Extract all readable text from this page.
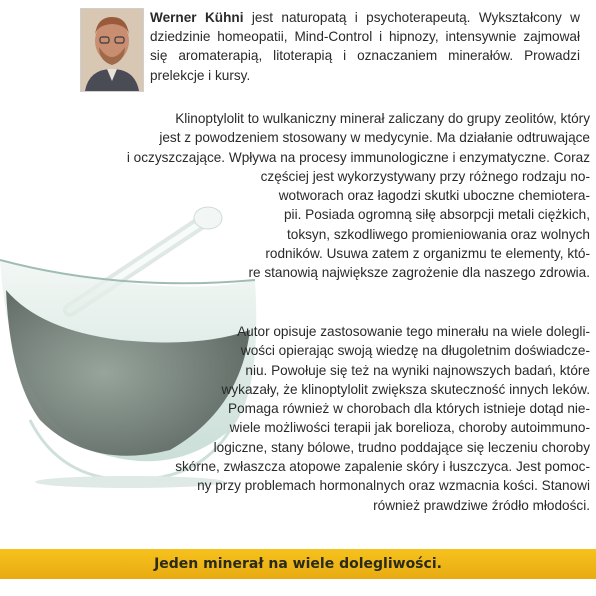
Werner Kühni jest naturopatą i psychoterapeutą. Wykształcony w dziedzinie homeopatii, Mind-Control i hipnozy, intensywnie zajmował się aromaterapią, litoterapią i oznaczaniem minerałów. Prowadzi prelekcje i kursy.
Klinoptylolit to wulkaniczny minerał zaliczany do grupy zeolitów, który
jest z powodzeniem stosowany w medycynie. Ma działanie odtruwające
i oczyszczające. Wpływa na procesy immunologiczne i enzymatyczne. Coraz
częściej jest wykorzystywany przy różnego rodzaju no-
wotworach oraz łagodzi skutki uboczne chemiotera-
pii. Posiada ogromną siłę absorpcji metali ciężkich,
toksyn, szkodliwego promieniowania oraz wolnych
rodników. Usuwa zatem z organizmu te elementy, któ-
re stanowią największe zagrożenie dla naszego zdrowia.
Autor opisuje zastosowanie tego minerału na wiele dolegli-
wości opierając swoją wiedzę na długoletnim doświadcze-
niu. Powołuje się też na wyniki najnowszych badań, które
wykazały, że klinoptylolit zwiększa skuteczność innych leków.
Pomaga również w chorobach dla których istnieje dotąd nie-
wiele możliwości terapii jak borelioza, choroby autoimmuno-
logiczne, stany bólowe, trudno poddające się leczeniu choroby
skórne, zwłaszcza atopowe zapalenie skóry i łuszczyca. Jest pomoc-
ny przy problemach hormonalnych oraz wzmacnia kości. Stanowi
również prawdziwe źródło młodości.
Jeden minerał na wiele dolegliwości.
